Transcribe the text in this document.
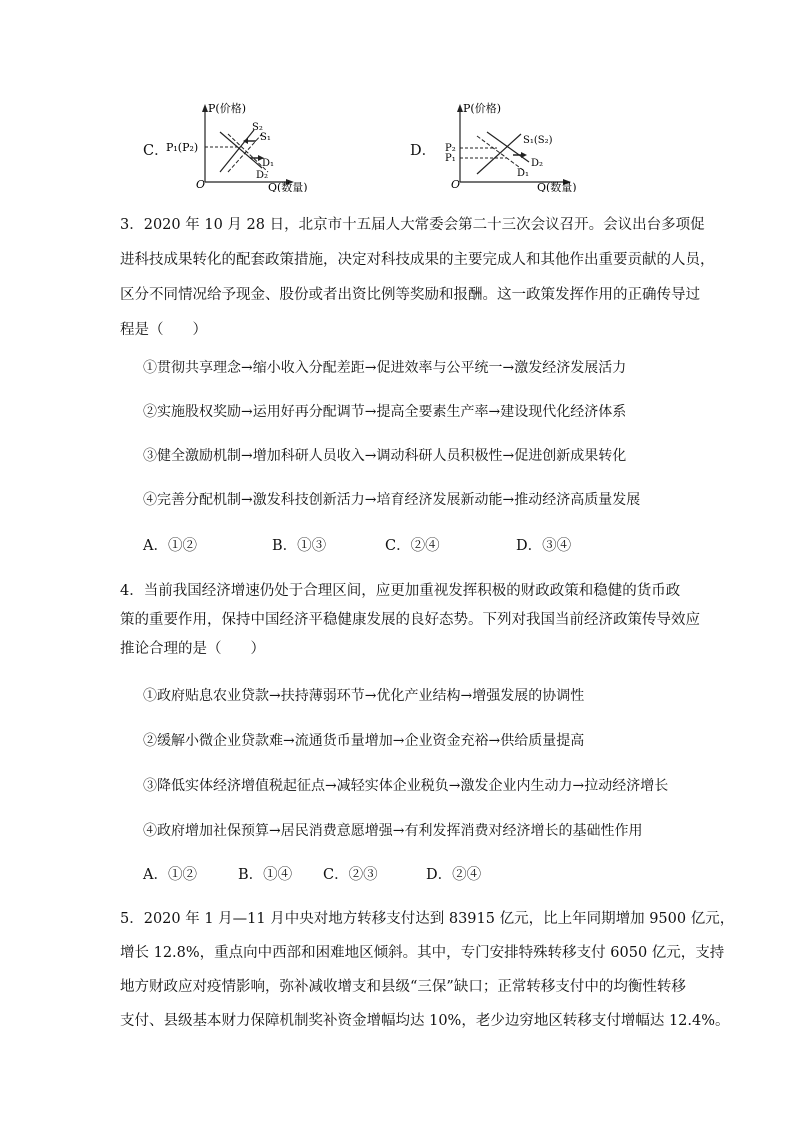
C．
P(价格)
Q(数量)
O
P₁(P₂)
S₂
S₁
D₁
D₂
D．
P(价格)
Q(数量)
O
P₂
P₁
S₁(S₂)
D₂
D₁
3．2020 年 10 月 28 日，北京市十五届人大常委会第二十三次会议召开。会议出台多项促
进科技成果转化的配套政策措施，决定对科技成果的主要完成人和其他作出重要贡献的人员，
区分不同情况给予现金、股份或者出资比例等奖励和报酬。这一政策发挥作用的正确传导过
程是（　　）
①贯彻共享理念→缩小收入分配差距→促进效率与公平统一→激发经济发展活力
②实施股权奖励→运用好再分配调节→提高全要素生产率→建设现代化经济体系
③健全激励机制→增加科研人员收入→调动科研人员积极性→促进创新成果转化
④完善分配机制→激发科技创新活力→培育经济发展新动能→推动经济高质量发展
A．①②	B．①③	C．②④	D．③④
4．当前我国经济增速仍处于合理区间，应更加重视发挥积极的财政政策和稳健的货币政
策的重要作用，保持中国经济平稳健康发展的良好态势。下列对我国当前经济政策传导效应
推论合理的是（　　）
①政府贴息农业贷款→扶持薄弱环节→优化产业结构→增强发展的协调性
②缓解小微企业贷款难→流通货币量增加→企业资金充裕→供给质量提高
③降低实体经济增值税起征点→减轻实体企业税负→激发企业内生动力→拉动经济增长
④政府增加社保预算→居民消费意愿增强→有利发挥消费对经济增长的基础性作用
A．①②	B．①④ C．②③	D．②④
5．2020 年 1 月—11 月中央对地方转移支付达到 83915 亿元，比上年同期增加 9500 亿元，
增长 12.8%，重点向中西部和困难地区倾斜。其中，专门安排特殊转移支付 6050 亿元，支持
地方财政应对疫情影响，弥补减收增支和县级“三保”缺口；正常转移支付中的均衡性转移
支付、县级基本财力保障机制奖补资金增幅均达 10%，老少边穷地区转移支付增幅达 12.4%。
